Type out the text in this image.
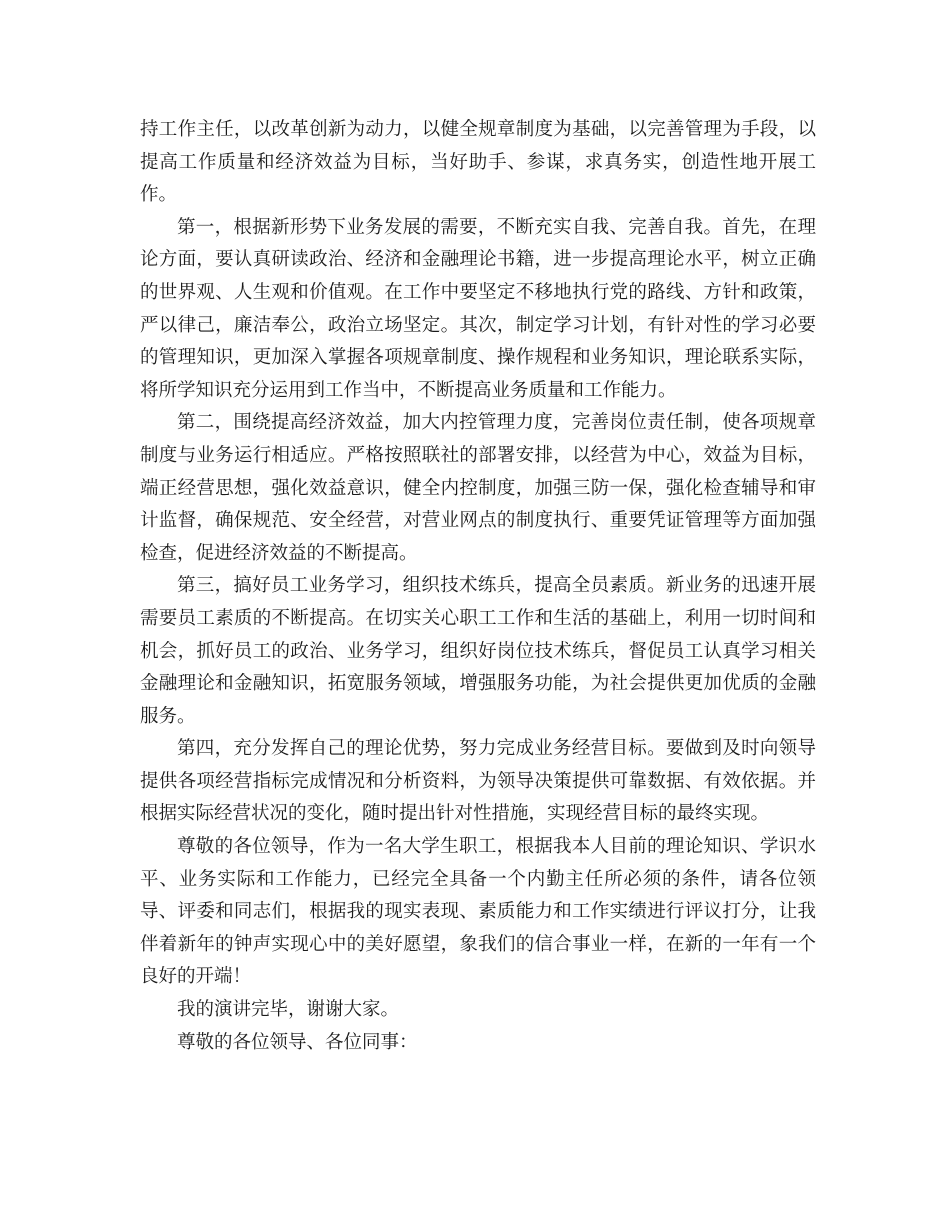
持工作主任，以改革创新为动力，以健全规章制度为基础，以完善管理为手段，以提高工作质量和经济效益为目标，当好助手、参谋，求真务实，创造性地开展工作。

第一，根据新形势下业务发展的需要，不断充实自我、完善自我。首先，在理论方面，要认真研读政治、经济和金融理论书籍，进一步提高理论水平，树立正确的世界观、人生观和价值观。在工作中要坚定不移地执行党的路线、方针和政策，严以律己，廉洁奉公，政治立场坚定。其次，制定学习计划，有针对性的学习必要的管理知识，更加深入掌握各项规章制度、操作规程和业务知识，理论联系实际，将所学知识充分运用到工作当中，不断提高业务质量和工作能力。

第二，围绕提高经济效益，加大内控管理力度，完善岗位责任制，使各项规章制度与业务运行相适应。严格按照联社的部署安排，以经营为中心，效益为目标，端正经营思想，强化效益意识，健全内控制度，加强三防一保，强化检查辅导和审计监督，确保规范、安全经营，对营业网点的制度执行、重要凭证管理等方面加强检查，促进经济效益的不断提高。

第三，搞好员工业务学习，组织技术练兵，提高全员素质。新业务的迅速开展需要员工素质的不断提高。在切实关心职工工作和生活的基础上，利用一切时间和机会，抓好员工的政治、业务学习，组织好岗位技术练兵，督促员工认真学习相关金融理论和金融知识，拓宽服务领域，增强服务功能，为社会提供更加优质的金融服务。

第四，充分发挥自己的理论优势，努力完成业务经营目标。要做到及时向领导提供各项经营指标完成情况和分析资料，为领导决策提供可靠数据、有效依据。并根据实际经营状况的变化，随时提出针对性措施，实现经营目标的最终实现。

尊敬的各位领导，作为一名大学生职工，根据我本人目前的理论知识、学识水平、业务实际和工作能力，已经完全具备一个内勤主任所必须的条件，请各位领导、评委和同志们，根据我的现实表现、素质能力和工作实绩进行评议打分，让我伴着新年的钟声实现心中的美好愿望，象我们的信合事业一样，在新的一年有一个良好的开端！

我的演讲完毕，谢谢大家。

尊敬的各位领导、各位同事：
